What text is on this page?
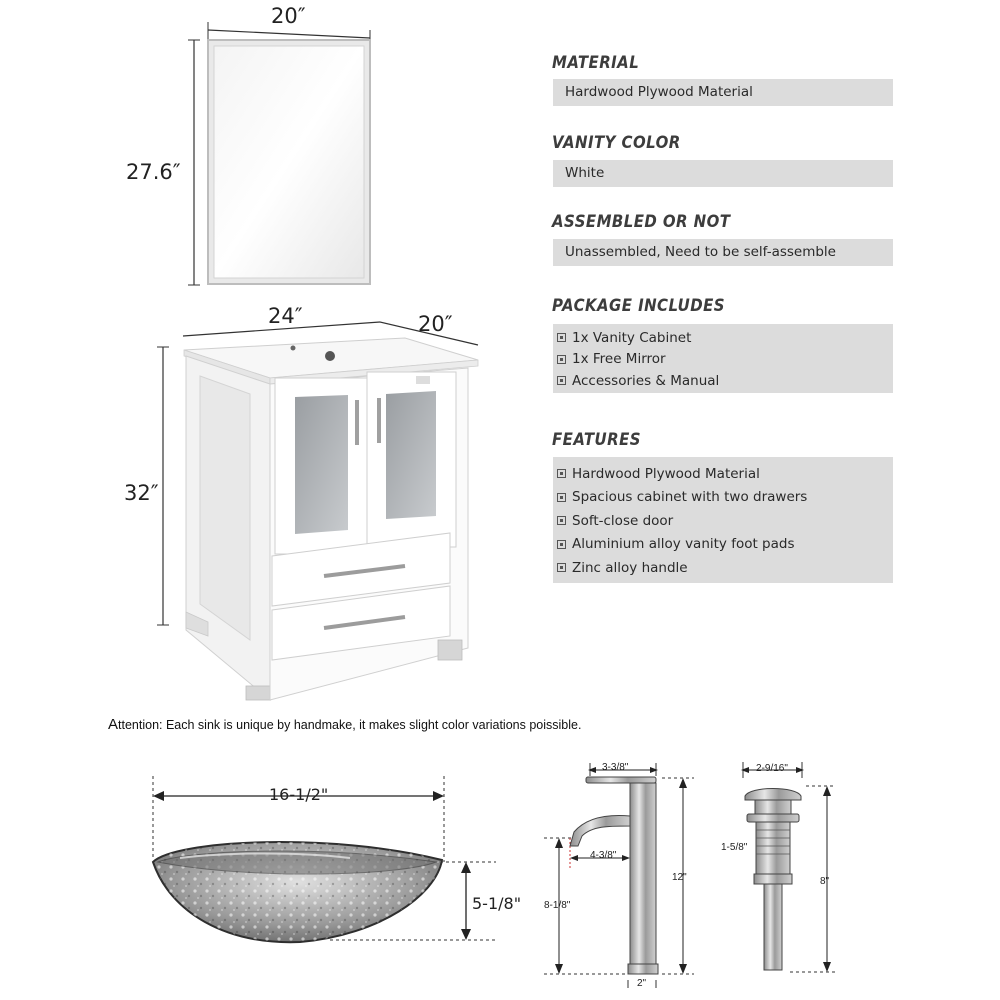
20″
27.6″
24″	20″
32″
16-1/2"
5-1/8"
3-3/8"
4-3/8"
12"
8-1/8"
2"
2-9/16"
1-5/8"
8"
MATERIAL
Hardwood Plywood Material
VANITY COLOR
White
ASSEMBLED OR NOT
Unassembled, Need to be self-assemble
PACKAGE INCLUDES
1x Vanity Cabinet
1x Free Mirror
Accessories & Manual
FEATURES
Hardwood Plywood Material
Spacious cabinet with two drawers
Soft-close door
Aluminium alloy vanity foot pads
Zinc alloy handle
Attention: Each sink is unique by handmake, it makes slight color variations poissible.
